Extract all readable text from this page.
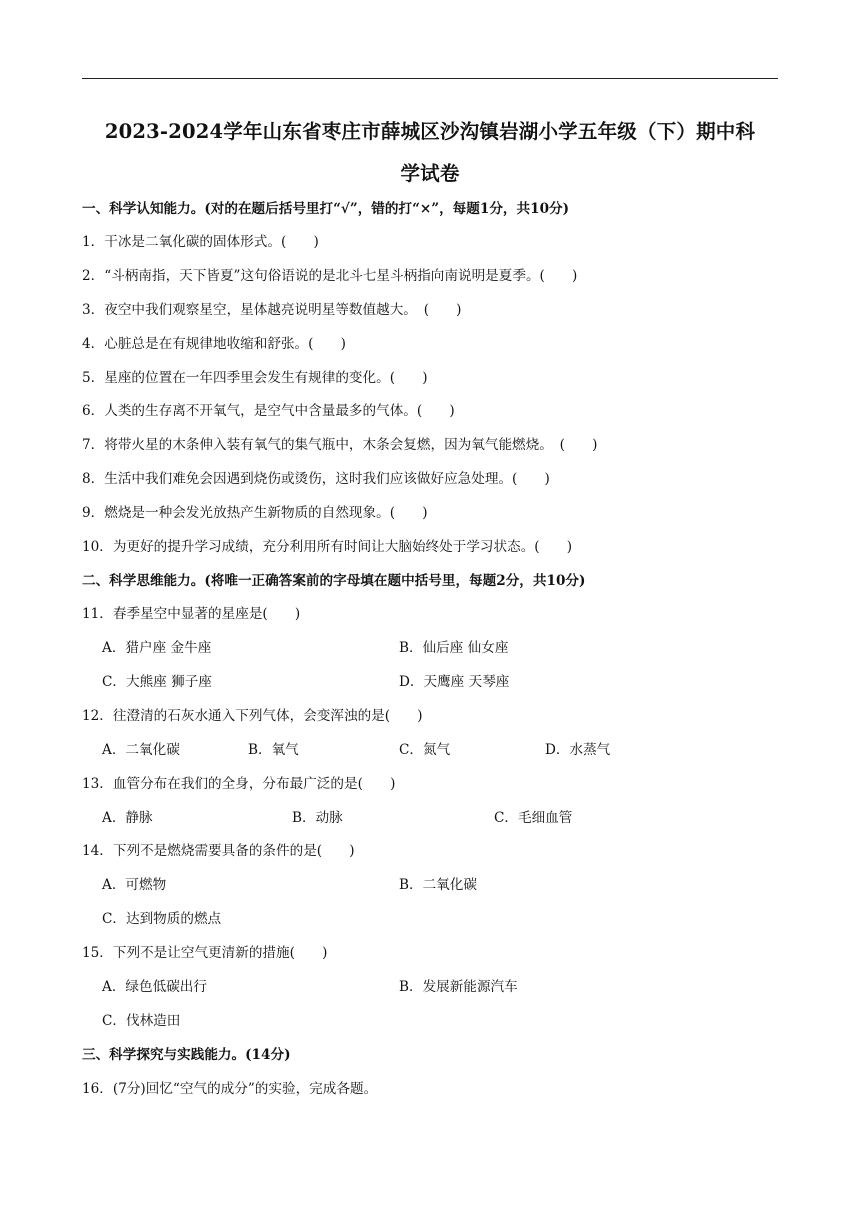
2023-2024学年山东省枣庄市薛城区沙沟镇岩湖小学五年级（下）期中科
学试卷
一、科学认知能力。(对的在题后括号里打“√”，错的打“×”，每题1分，共10分)
1．干冰是二氧化碳的固体形式。(　　)
2．“斗柄南指，天下皆夏”这句俗语说的是北斗七星斗柄指向南说明是夏季。(　　)
3．夜空中我们观察星空，星体越亮说明星等数值越大。　(　　)
4．心脏总是在有规律地收缩和舒张。(　　)
5．星座的位置在一年四季里会发生有规律的变化。(　　)
6．人类的生存离不开氧气，是空气中含量最多的气体。(　　)
7．将带火星的木条伸入装有氧气的集气瓶中，木条会复燃，因为氧气能燃烧。　(　　)
8．生活中我们难免会因遇到烧伤或烫伤，这时我们应该做好应急处理。(　　)
9．燃烧是一种会发光放热产生新物质的自然现象。(　　)
10．为更好的提升学习成绩，充分利用所有时间让大脑始终处于学习状态。(　　)
二、科学思维能力。(将唯一正确答案前的字母填在题中括号里，每题2分，共10分)
11．春季星空中显著的星座是(　　)
A．猎户座 金牛座	B．仙后座 仙女座
C．大熊座 狮子座	D．天鹰座 天琴座
12．往澄清的石灰水通入下列气体，会变浑浊的是(　　)
A．二氧化碳	B．氧气	C．氮气	D．水蒸气
13．血管分布在我们的全身，分布最广泛的是(　　)
A．静脉	B．动脉	C．毛细血管
14．下列不是燃烧需要具备的条件的是(　　)
A．可燃物	B．二氧化碳
C．达到物质的燃点
15．下列不是让空气更清新的措施(　　)
A．绿色低碳出行	B．发展新能源汽车
C．伐林造田
三、科学探究与实践能力。(14分)
16．(7分)回忆“空气的成分”的实验，完成各题。
